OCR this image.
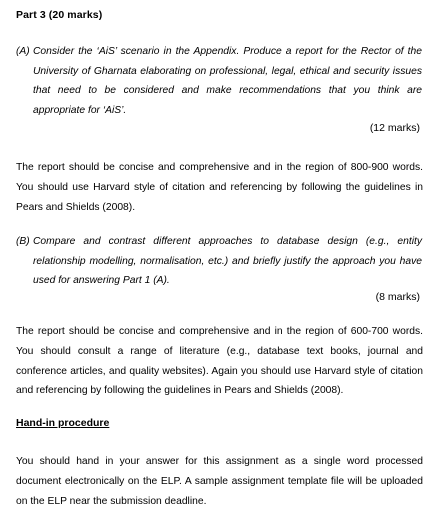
Part 3 (20 marks)
(A) Consider the ‘AiS’ scenario in the Appendix. Produce a report for the Rector of the University of Gharnata elaborating on professional, legal, ethical and security issues that need to be considered and make recommendations that you think are appropriate for ‘AiS’.
(12 marks)
The report should be concise and comprehensive and in the region of 800-900 words. You should use Harvard style of citation and referencing by following the guidelines in Pears and Shields (2008).
(B) Compare and contrast different approaches to database design (e.g., entity relationship modelling, normalisation, etc.) and briefly justify the approach you have used for answering Part 1 (A).
(8 marks)
The report should be concise and comprehensive and in the region of 600-700 words. You should consult a range of literature (e.g., database text books, journal and conference articles, and quality websites). Again you should use Harvard style of citation and referencing by following the guidelines in Pears and Shields (2008).
Hand-in procedure
You should hand in your answer for this assignment as a single word processed document electronically on the ELP. A sample assignment template file will be uploaded on the ELP near the submission deadline.
